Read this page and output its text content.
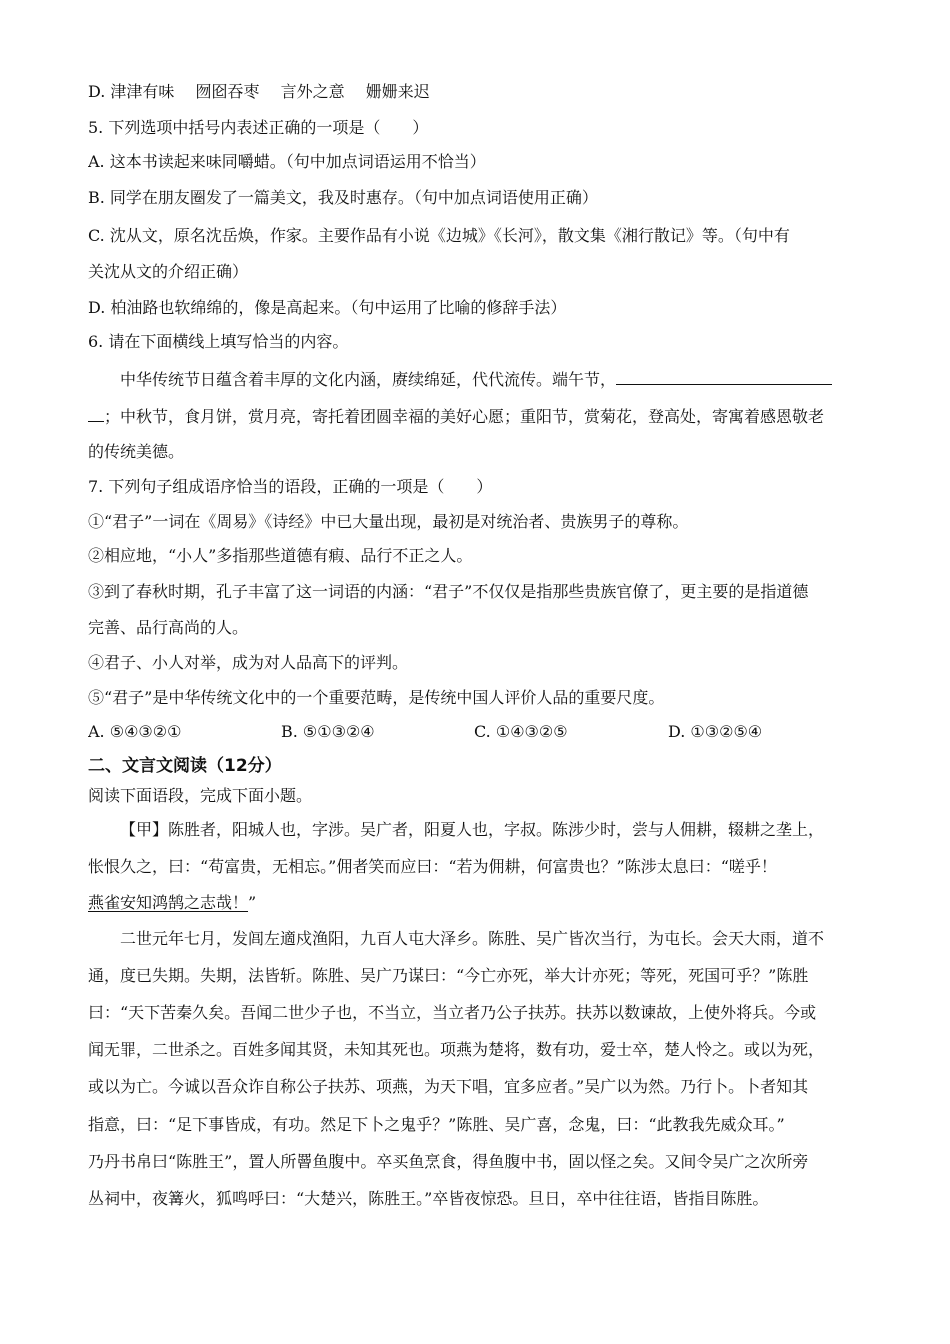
D. 津津有味　 囫囵吞枣　 言外之意　 姗姗来迟
5. 下列选项中括号内表述正确的一项是（　　）
A. 这本书读起来味同嚼蜡。（句中加点词语运用不恰当）
B. 同学在朋友圈发了一篇美文，我及时惠存。（句中加点词语使用正确）
C. 沈从文，原名沈岳焕，作家。主要作品有小说《边城》《长河》，散文集《湘行散记》等。（句中有
关沈从文的介绍正确）
D. 柏油路也软绵绵的，像是高起来。（句中运用了比喻的修辞手法）
6. 请在下面横线上填写恰当的内容。
中华传统节日蕴含着丰厚的文化内涵，赓续绵延，代代流传。端午节，
；中秋节，食月饼，赏月亮，寄托着团圆幸福的美好心愿；重阳节，赏菊花，登高处，寄寓着感恩敬老
的传统美德。
7. 下列句子组成语序恰当的语段，正确的一项是（　　）
①“君子”一词在《周易》《诗经》中已大量出现，最初是对统治者、贵族男子的尊称。
②相应地，“小人”多指那些道德有瘕、品行不正之人。
③到了春秋时期，孔子丰富了这一词语的内涵：“君子”不仅仅是指那些贵族官僚了，更主要的是指道德
完善、品行高尚的人。
④君子、小人对举，成为对人品高下的评判。
⑤“君子”是中华传统文化中的一个重要范畴，是传统中国人评价人品的重要尺度。
A. ⑤④③②①	B. ⑤①③②④	C. ①④③②⑤	D. ①③②⑤④
二、文言文阅读（12分）
阅读下面语段，完成下面小题。
【甲】陈胜者，阳城人也，字涉。吴广者，阳夏人也，字叔。陈涉少时，尝与人佣耕，辍耕之垄上，
怅恨久之，曰：“苟富贵，无相忘。”佣者笑而应曰：“若为佣耕，何富贵也？”陈涉太息曰：“嗟乎！
燕雀安知鸿鹄之志哉！”
二世元年七月，发闾左適戍渔阳，九百人屯大泽乡。陈胜、吴广皆次当行，为屯长。会天大雨，道不
通，度已失期。失期，法皆斩。陈胜、吴广乃谋曰：“今亡亦死，举大计亦死；等死，死国可乎？”陈胜
曰：“天下苦秦久矣。吾闻二世少子也，不当立，当立者乃公子扶苏。扶苏以数谏故，上使外将兵。今或
闻无罪，二世杀之。百姓多闻其贤，未知其死也。项燕为楚将，数有功，爱士卒，楚人怜之。或以为死，
或以为亡。今诚以吾众诈自称公子扶苏、项燕，为天下唱，宜多应者。”吴广以为然。乃行卜。卜者知其
指意，曰：“足下事皆成，有功。然足下卜之鬼乎？”陈胜、吴广喜，念鬼，曰：“此教我先威众耳。”
乃丹书帛曰“陈胜王”，置人所罾鱼腹中。卒买鱼烹食，得鱼腹中书，固以怪之矣。又间令吴广之次所旁
丛祠中，夜篝火，狐鸣呼曰：“大楚兴，陈胜王。”卒皆夜惊恐。旦日，卒中往往语，皆指目陈胜。
